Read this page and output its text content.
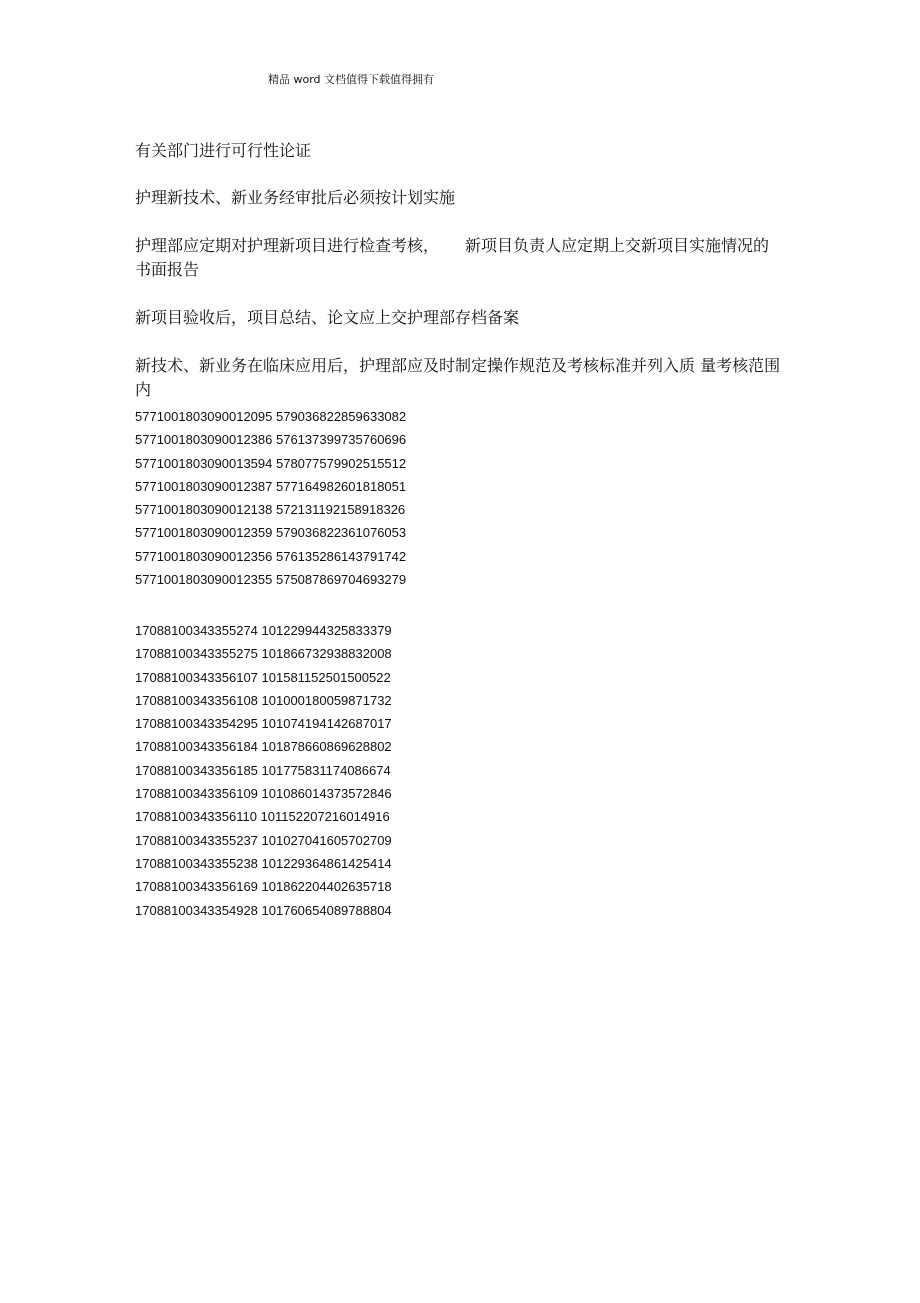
精品 word 文档值得下载值得拥有
有关部门进行可行性论证
护理新技术、新业务经审批后必须按计划实施
护理部应定期对护理新项目进行检查考核， 新项目负责人应定期上交新项目实施情况的书面报告
新项目验收后，项目总结、论文应上交护理部存档备案
新技术、新业务在临床应用后，护理部应及时制定操作规范及考核标准并列入质 量考核范围内
5771001803090012095 579036822859633082
5771001803090012386 576137399735760696
5771001803090013594 578077579902515512
5771001803090012387 577164982601818051
5771001803090012138 572131192158918326
5771001803090012359 579036822361076053
5771001803090012356 576135286143791742
5771001803090012355 575087869704693279
17088100343355274 101229944325833379
17088100343355275 101866732938832008
17088100343356107 101581152501500522
17088100343356108 101000180059871732
17088100343354295 101074194142687017
17088100343356184 101878660869628802
17088100343356185 101775831174086674
17088100343356109 101086014373572846
17088100343356110 101152207216014916
17088100343355237 101027041605702709
17088100343355238 101229364861425414
17088100343356169 101862204402635718
17088100343354928 101760654089788804
